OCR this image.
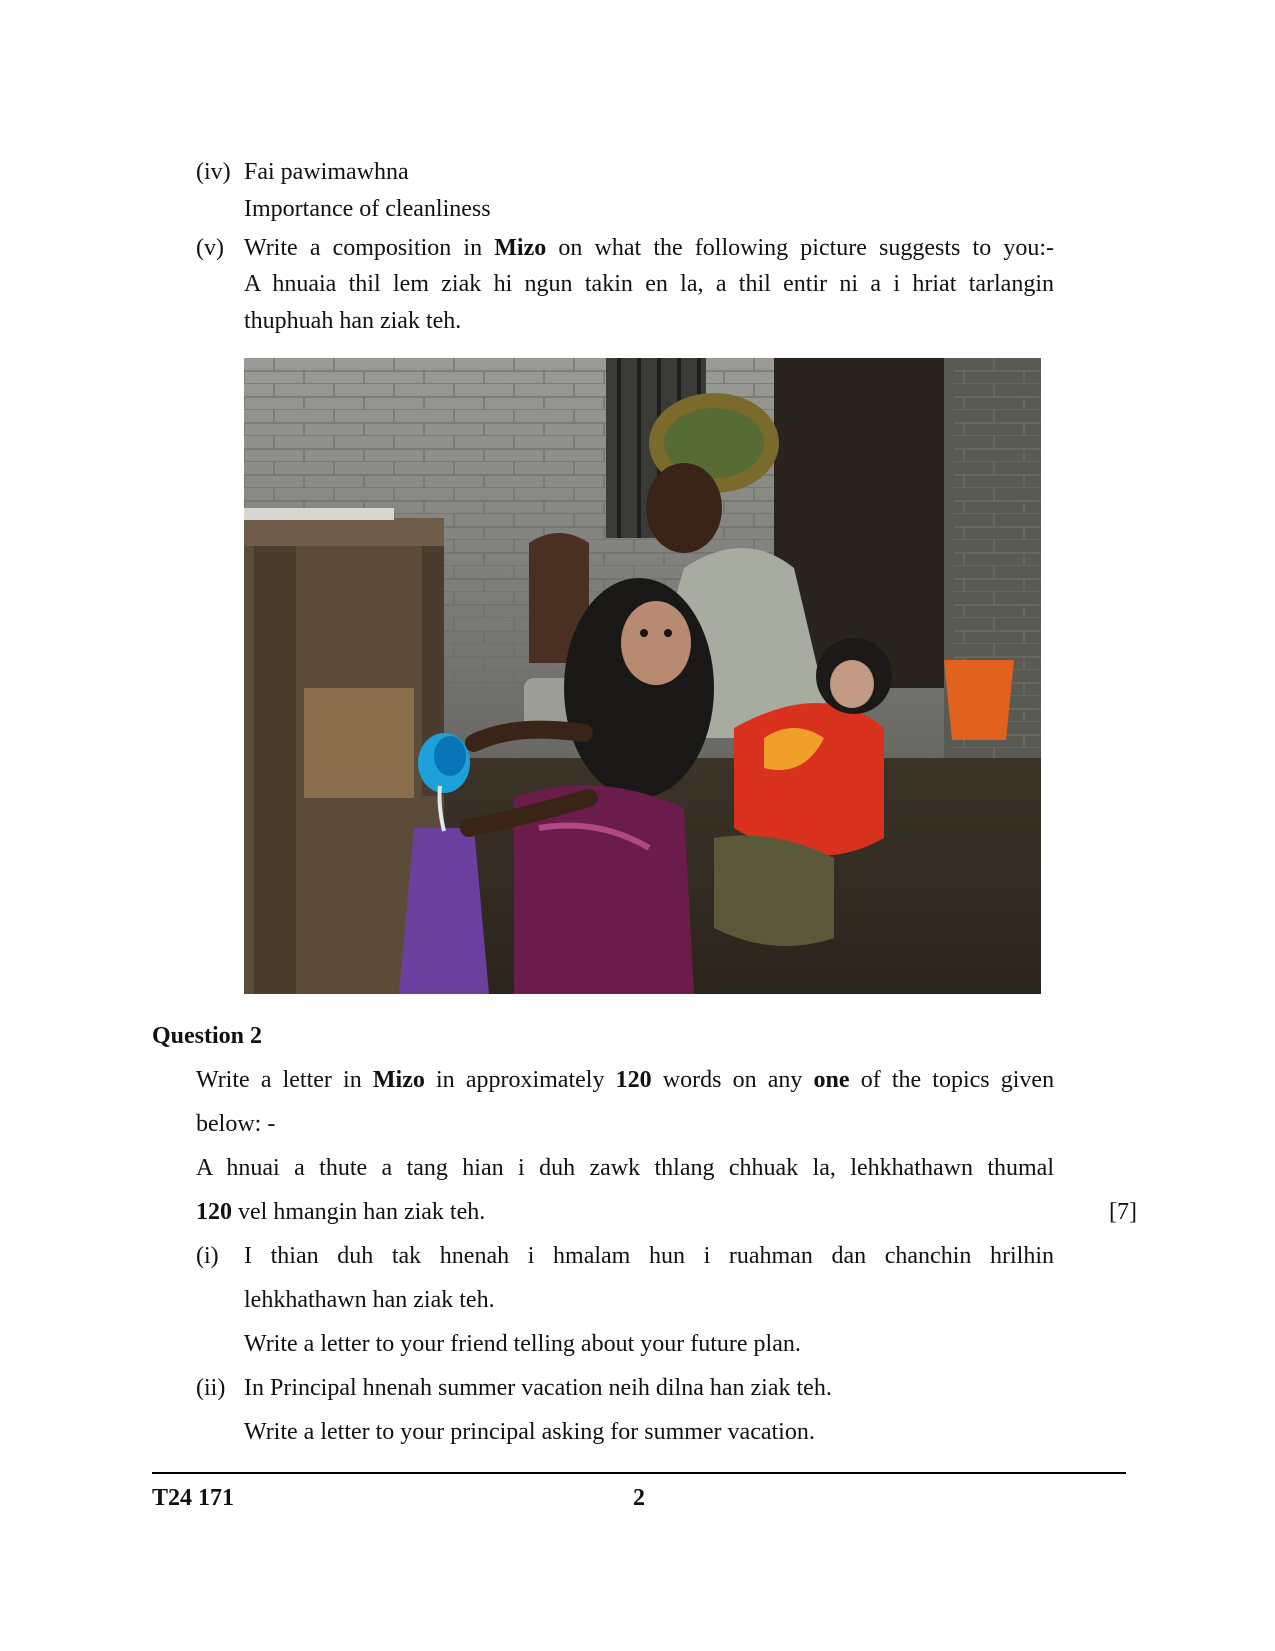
(iv) Fai pawimawhna
Importance of cleanliness
(v) Write a composition in Mizo on what the following picture suggests to you:-
A hnuaia thil lem ziak hi ngun takin en la, a thil entir ni a i hriat tarlangin
thuphuah han ziak teh.
Question 2
Write a letter in Mizo in approximately 120 words on any one of the topics given
below: -
A hnuai a thute a tang hian i duh zawk thlang chhuak la, lehkhathawn thumal
120 vel hmangin han ziak teh.	[7]
(i) I thian duh tak hnenah i hmalam hun i ruahman dan chanchin hrilhin
lehkhathawn han ziak teh.
Write a letter to your friend telling about your future plan.
(ii) In Principal hnenah summer vacation neih dilna han ziak teh.
Write a letter to your principal asking for summer vacation.
T24 171	2
